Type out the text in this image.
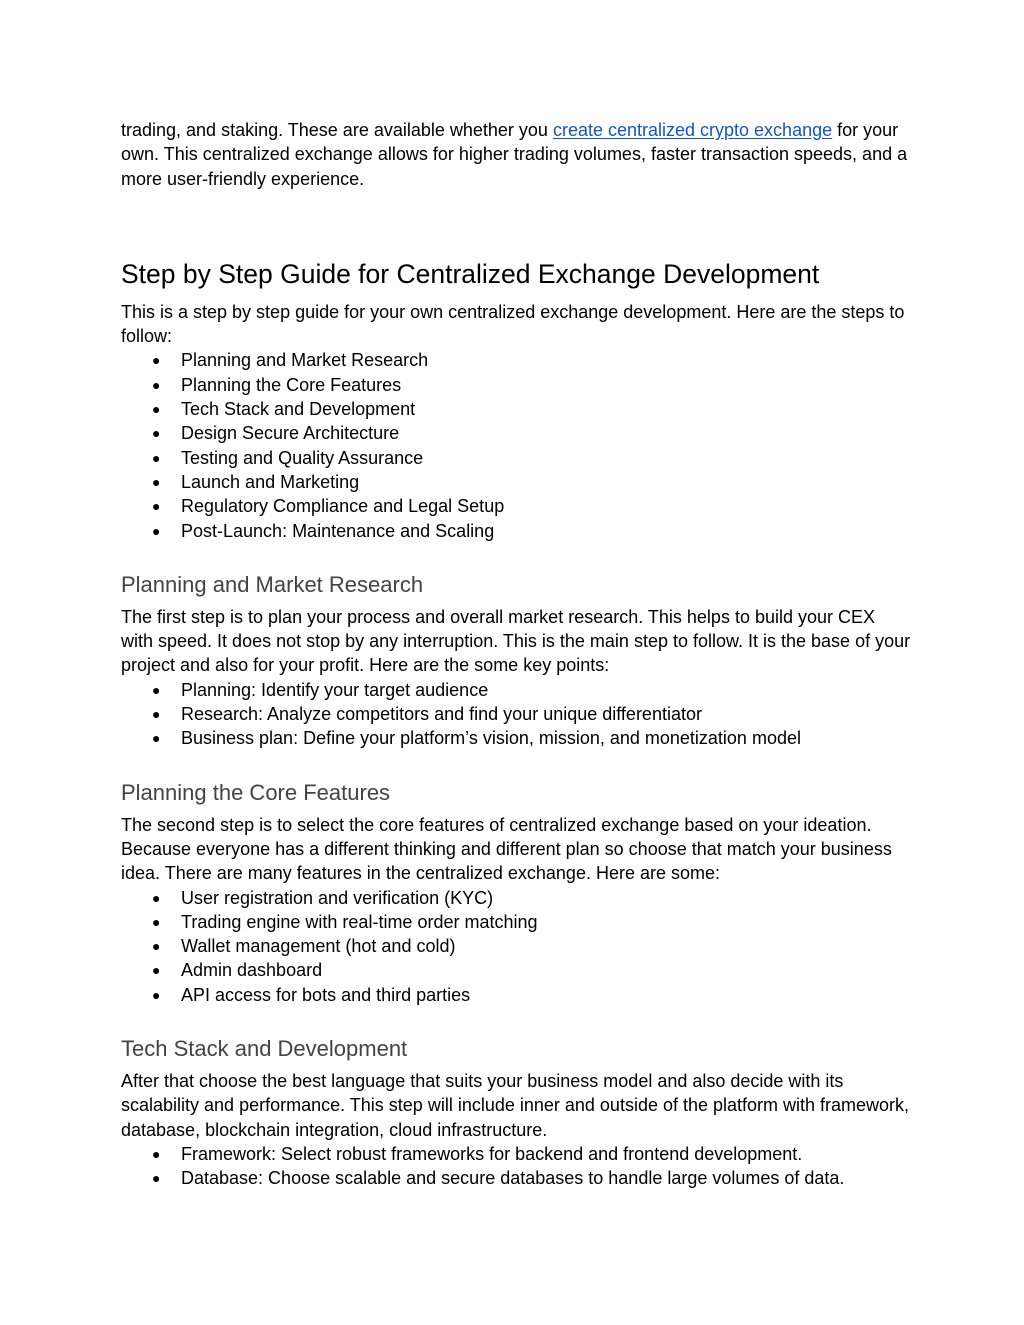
trading, and staking. These are available whether you create centralized crypto exchange for your own. This centralized exchange allows for higher trading volumes, faster transaction speeds, and a more user-friendly experience.

Step by Step Guide for Centralized Exchange Development

This is a step by step guide for your own centralized exchange development. Here are the steps to follow:

● Planning and Market Research
● Planning the Core Features
● Tech Stack and Development
● Design Secure Architecture
● Testing and Quality Assurance
● Launch and Marketing
● Regulatory Compliance and Legal Setup
● Post-Launch: Maintenance and Scaling
Planning and Market Research

The first step is to plan your process and overall market research. This helps to build your CEX with speed. It does not stop by any interruption. This is the main step to follow. It is the base of your project and also for your profit. Here are the some key points:

● Planning: Identify your target audience
● Research: Analyze competitors and find your unique differentiator
● Business plan: Define your platform’s vision, mission, and monetization model
Planning the Core Features

The second step is to select the core features of centralized exchange based on your ideation. Because everyone has a different thinking and different plan so choose that match your business idea. There are many features in the centralized exchange. Here are some:

● User registration and verification (KYC)
● Trading engine with real-time order matching
● Wallet management (hot and cold)
● Admin dashboard
● API access for bots and third parties
Tech Stack and Development

After that choose the best language that suits your business model and also decide with its scalability and performance. This step will include inner and outside of the platform with framework, database, blockchain integration, cloud infrastructure.

● Framework: Select robust frameworks for backend and frontend development.
● Database: Choose scalable and secure databases to handle large volumes of data.
